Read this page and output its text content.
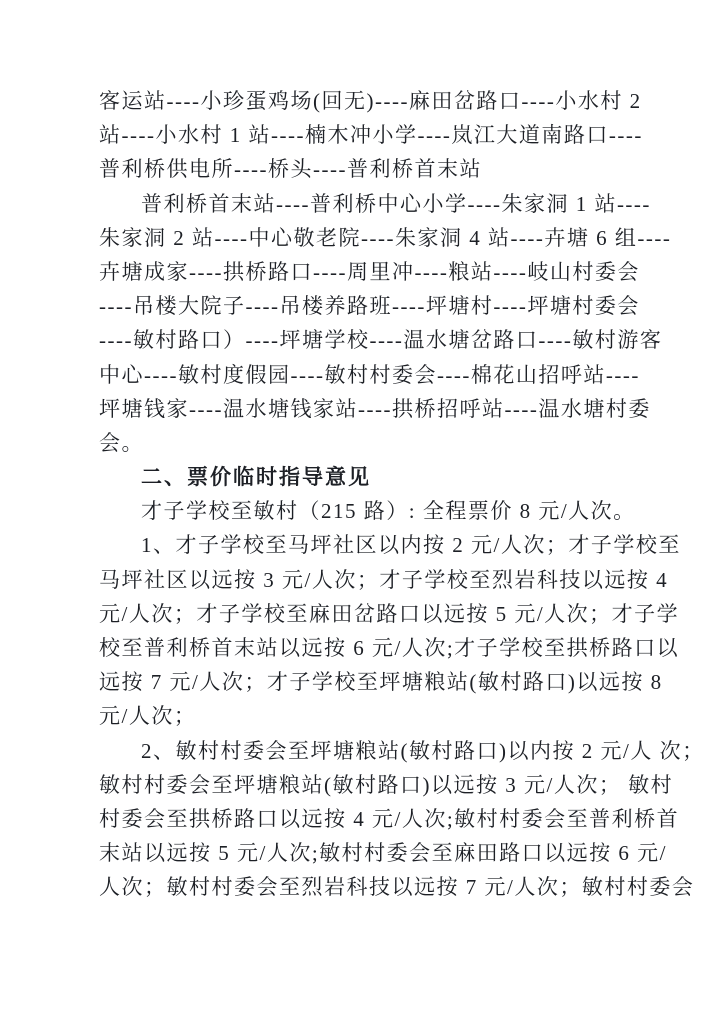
客运站----小珍蛋鸡场(回无)----麻田岔路口----小水村 2
站----小水村 1 站----楠木冲小学----岚江大道南路口----
普利桥供电所----桥头----普利桥首末站
普利桥首末站----普利桥中心小学----朱家洞 1 站----
朱家洞 2 站----中心敬老院----朱家洞 4 站----卉塘 6 组----
卉塘成家----拱桥路口----周里冲----粮站----岐山村委会
----吊楼大院子----吊楼养路班----坪塘村----坪塘村委会
----敏村路口）----坪塘学校----温水塘岔路口----敏村游客
中心----敏村度假园----敏村村委会----棉花山招呼站----
坪塘钱家----温水塘钱家站----拱桥招呼站----温水塘村委
会。
二、票价临时指导意见
才子学校至敏村（215 路）: 全程票价 8 元/人次。
1、才子学校至马坪社区以内按 2 元/人次；才子学校至
马坪社区以远按 3 元/人次；才子学校至烈岩科技以远按 4
元/人次；才子学校至麻田岔路口以远按 5 元/人次；才子学
校至普利桥首末站以远按 6 元/人次;才子学校至拱桥路口以
远按 7 元/人次；才子学校至坪塘粮站(敏村路口)以远按 8
元/人次；
2、敏村村委会至坪塘粮站(敏村路口)以内按 2 元/人 次；
敏村村委会至坪塘粮站(敏村路口)以远按 3 元/人次； 敏村
村委会至拱桥路口以远按 4 元/人次;敏村村委会至普利桥首
末站以远按 5 元/人次;敏村村委会至麻田路口以远按 6 元/
人次；敏村村委会至烈岩科技以远按 7 元/人次；敏村村委会
